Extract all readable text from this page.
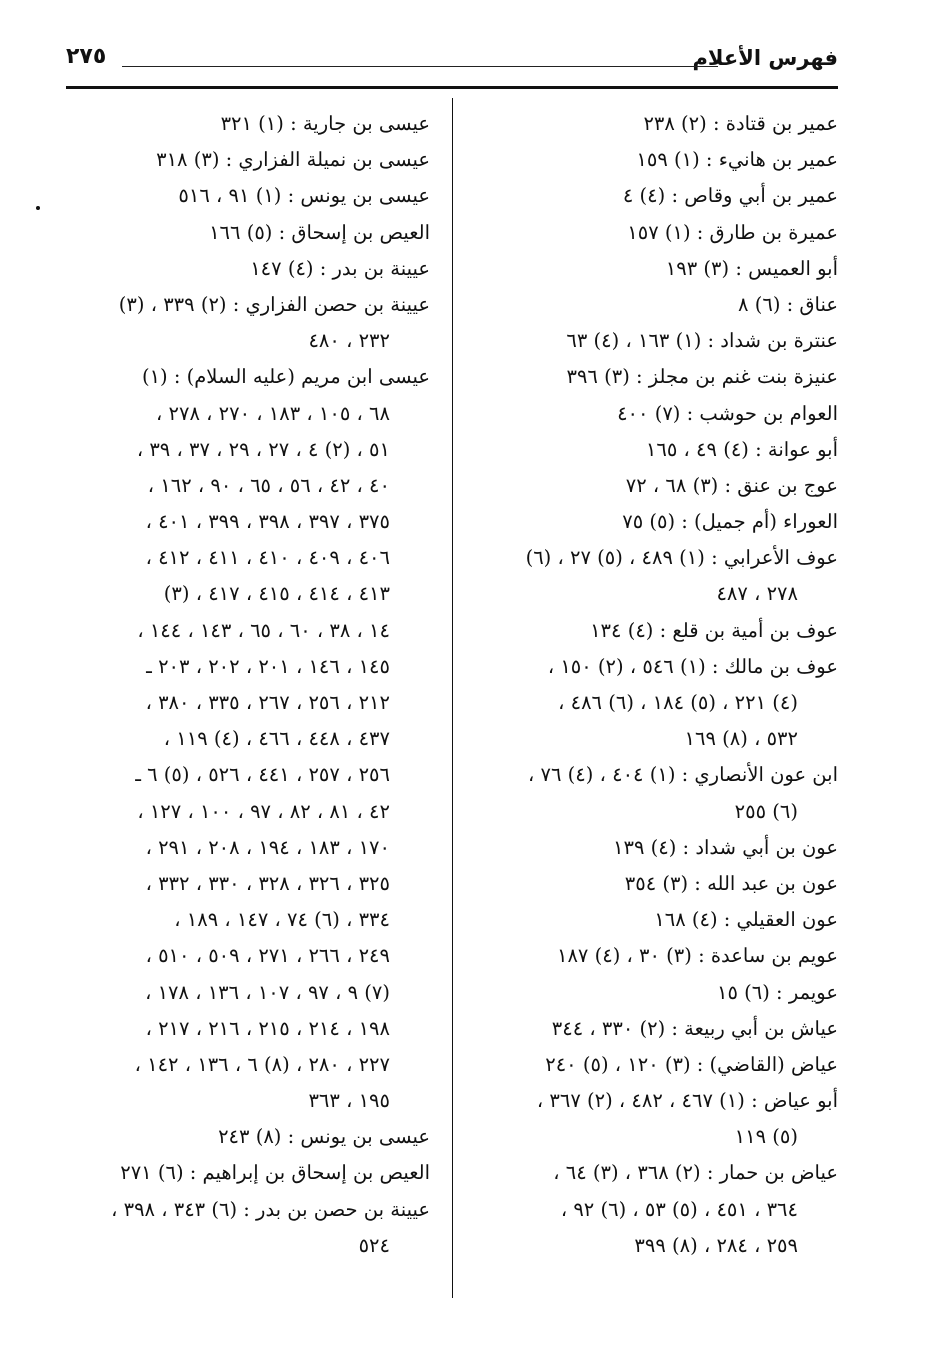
فهرس الأعلام
٢٧٥
عمير بن قتادة : (٢) ٢٣٨
عمير بن هانيء : (١) ١٥٩
عمير بن أبي وقاص : (٤) ٤
عميرة بن طارق : (١) ١٥٧
أبو العميس : (٣) ١٩٣
عناق : (٦) ٨
عنترة بن شداد : (١) ١٦٣ ، (٤) ٦٣
عنيزة بنت غنم بن مجلز : (٣) ٣٩٦
العوام بن حوشب : (٧) ٤٠٠
أبو عوانة : (٤) ٤٩ ، ١٦٥
عوج بن عنق : (٣) ٦٨ ، ٧٢
العوراء (أم جميل) : (٥) ٧٥
عوف الأعرابي : (١) ٤٨٩ ، (٥) ٢٧ ، (٦)
٢٧٨ ، ٤٨٧
عوف بن أمية بن قلع : (٤) ١٣٤
عوف بن مالك : (١) ٥٤٦ ، (٢) ١٥٠ ،
(٤) ٢٢١ ، (٥) ١٨٤ ، (٦) ٤٨٦ ،
٥٣٢ ، (٨) ١٦٩
ابن عون الأنصاري : (١) ٤٠٤ ، (٤) ٧٦ ،
(٦) ٢٥٥
عون بن أبي شداد : (٤) ١٣٩
عون بن عبد الله : (٣) ٣٥٤
عون العقيلي : (٤) ١٦٨
عويم بن ساعدة : (٣) ٣٠ ، (٤) ١٨٧
عويمر : (٦) ١٥
عياش بن أبي ربيعة : (٢) ٣٣٠ ، ٣٤٤
عياض (القاضي) : (٣) ١٢٠ ، (٥) ٢٤٠
أبو عياض : (١) ٤٦٧ ، ٤٨٢ ، (٢) ٣٦٧ ،
(٥) ١١٩
عياض بن حمار : (٢) ٣٦٨ ، (٣) ٦٤ ،
٣٦٤ ، ٤٥١ ، (٥) ٥٣ ، (٦) ٩٢ ،
٢٥٩ ، ٢٨٤ ، (٨) ٣٩٩
عيسى بن جارية : (١) ٣٢١
عيسى بن نميلة الفزاري : (٣) ٣١٨
عيسى بن يونس : (١) ٩١ ، ٥١٦
العيص بن إسحاق : (٥) ١٦٦
عيينة بن بدر : (٤) ١٤٧
عيينة بن حصن الفزاري : (٢) ٣٣٩ ، (٣)
٢٣٢ ، ٤٨٠
عيسى ابن مريم (عليه السلام) : (١)
٦٨ ، ١٠٥ ، ١٨٣ ، ٢٧٠ ، ٢٧٨ ،
٥١ ، (٢) ٤ ، ٢٧ ، ٢٩ ، ٣٧ ، ٣٩ ،
٤٠ ، ٤٢ ، ٥٦ ، ٦٥ ، ٩٠ ، ١٦٢ ،
٣٧٥ ، ٣٩٧ ، ٣٩٨ ، ٣٩٩ ، ٤٠١ ،
٤٠٦ ، ٤٠٩ ، ٤١٠ ، ٤١١ ، ٤١٢ ،
٤١٣ ، ٤١٤ ، ٤١٥ ، ٤١٧ ، (٣)
١٤ ، ٣٨ ، ٦٠ ، ٦٥ ، ١٤٣ ، ١٤٤ ،
١٤٥ ، ١٤٦ ، ٢٠١ ، ٢٠٢ ، ٢٠٣ ـ
٢١٢ ، ٢٥٦ ، ٢٦٧ ، ٣٣٥ ، ٣٨٠ ،
٤٣٧ ، ٤٤٨ ، ٤٦٦ ، (٤) ١١٩ ،
٢٥٦ ، ٢٥٧ ، ٤٤١ ، ٥٢٦ ، (٥) ٦ ـ
٤٢ ، ٨١ ، ٨٢ ، ٩٧ ، ١٠٠ ، ١٢٧ ،
١٧٠ ، ١٨٣ ، ١٩٤ ، ٢٠٨ ، ٢٩١ ،
٣٢٥ ، ٣٢٦ ، ٣٢٨ ، ٣٣٠ ، ٣٣٢ ،
٣٣٤ ، (٦) ٧٤ ، ١٤٧ ، ١٨٩ ،
٢٤٩ ، ٢٦٦ ، ٢٧١ ، ٥٠٩ ، ٥١٠ ،
(٧) ٩ ، ٩٧ ، ١٠٧ ، ١٣٦ ، ١٧٨ ،
١٩٨ ، ٢١٤ ، ٢١٥ ، ٢١٦ ، ٢١٧ ،
٢٢٧ ، ٢٨٠ ، (٨) ٦ ، ١٣٦ ، ١٤٢ ،
١٩٥ ، ٣٦٣
عيسى بن يونس : (٨) ٢٤٣
العيص بن إسحاق بن إبراهيم : (٦) ٢٧١
عيينة بن حصن بن بدر : (٦) ٣٤٣ ، ٣٩٨ ،
٥٢٤
